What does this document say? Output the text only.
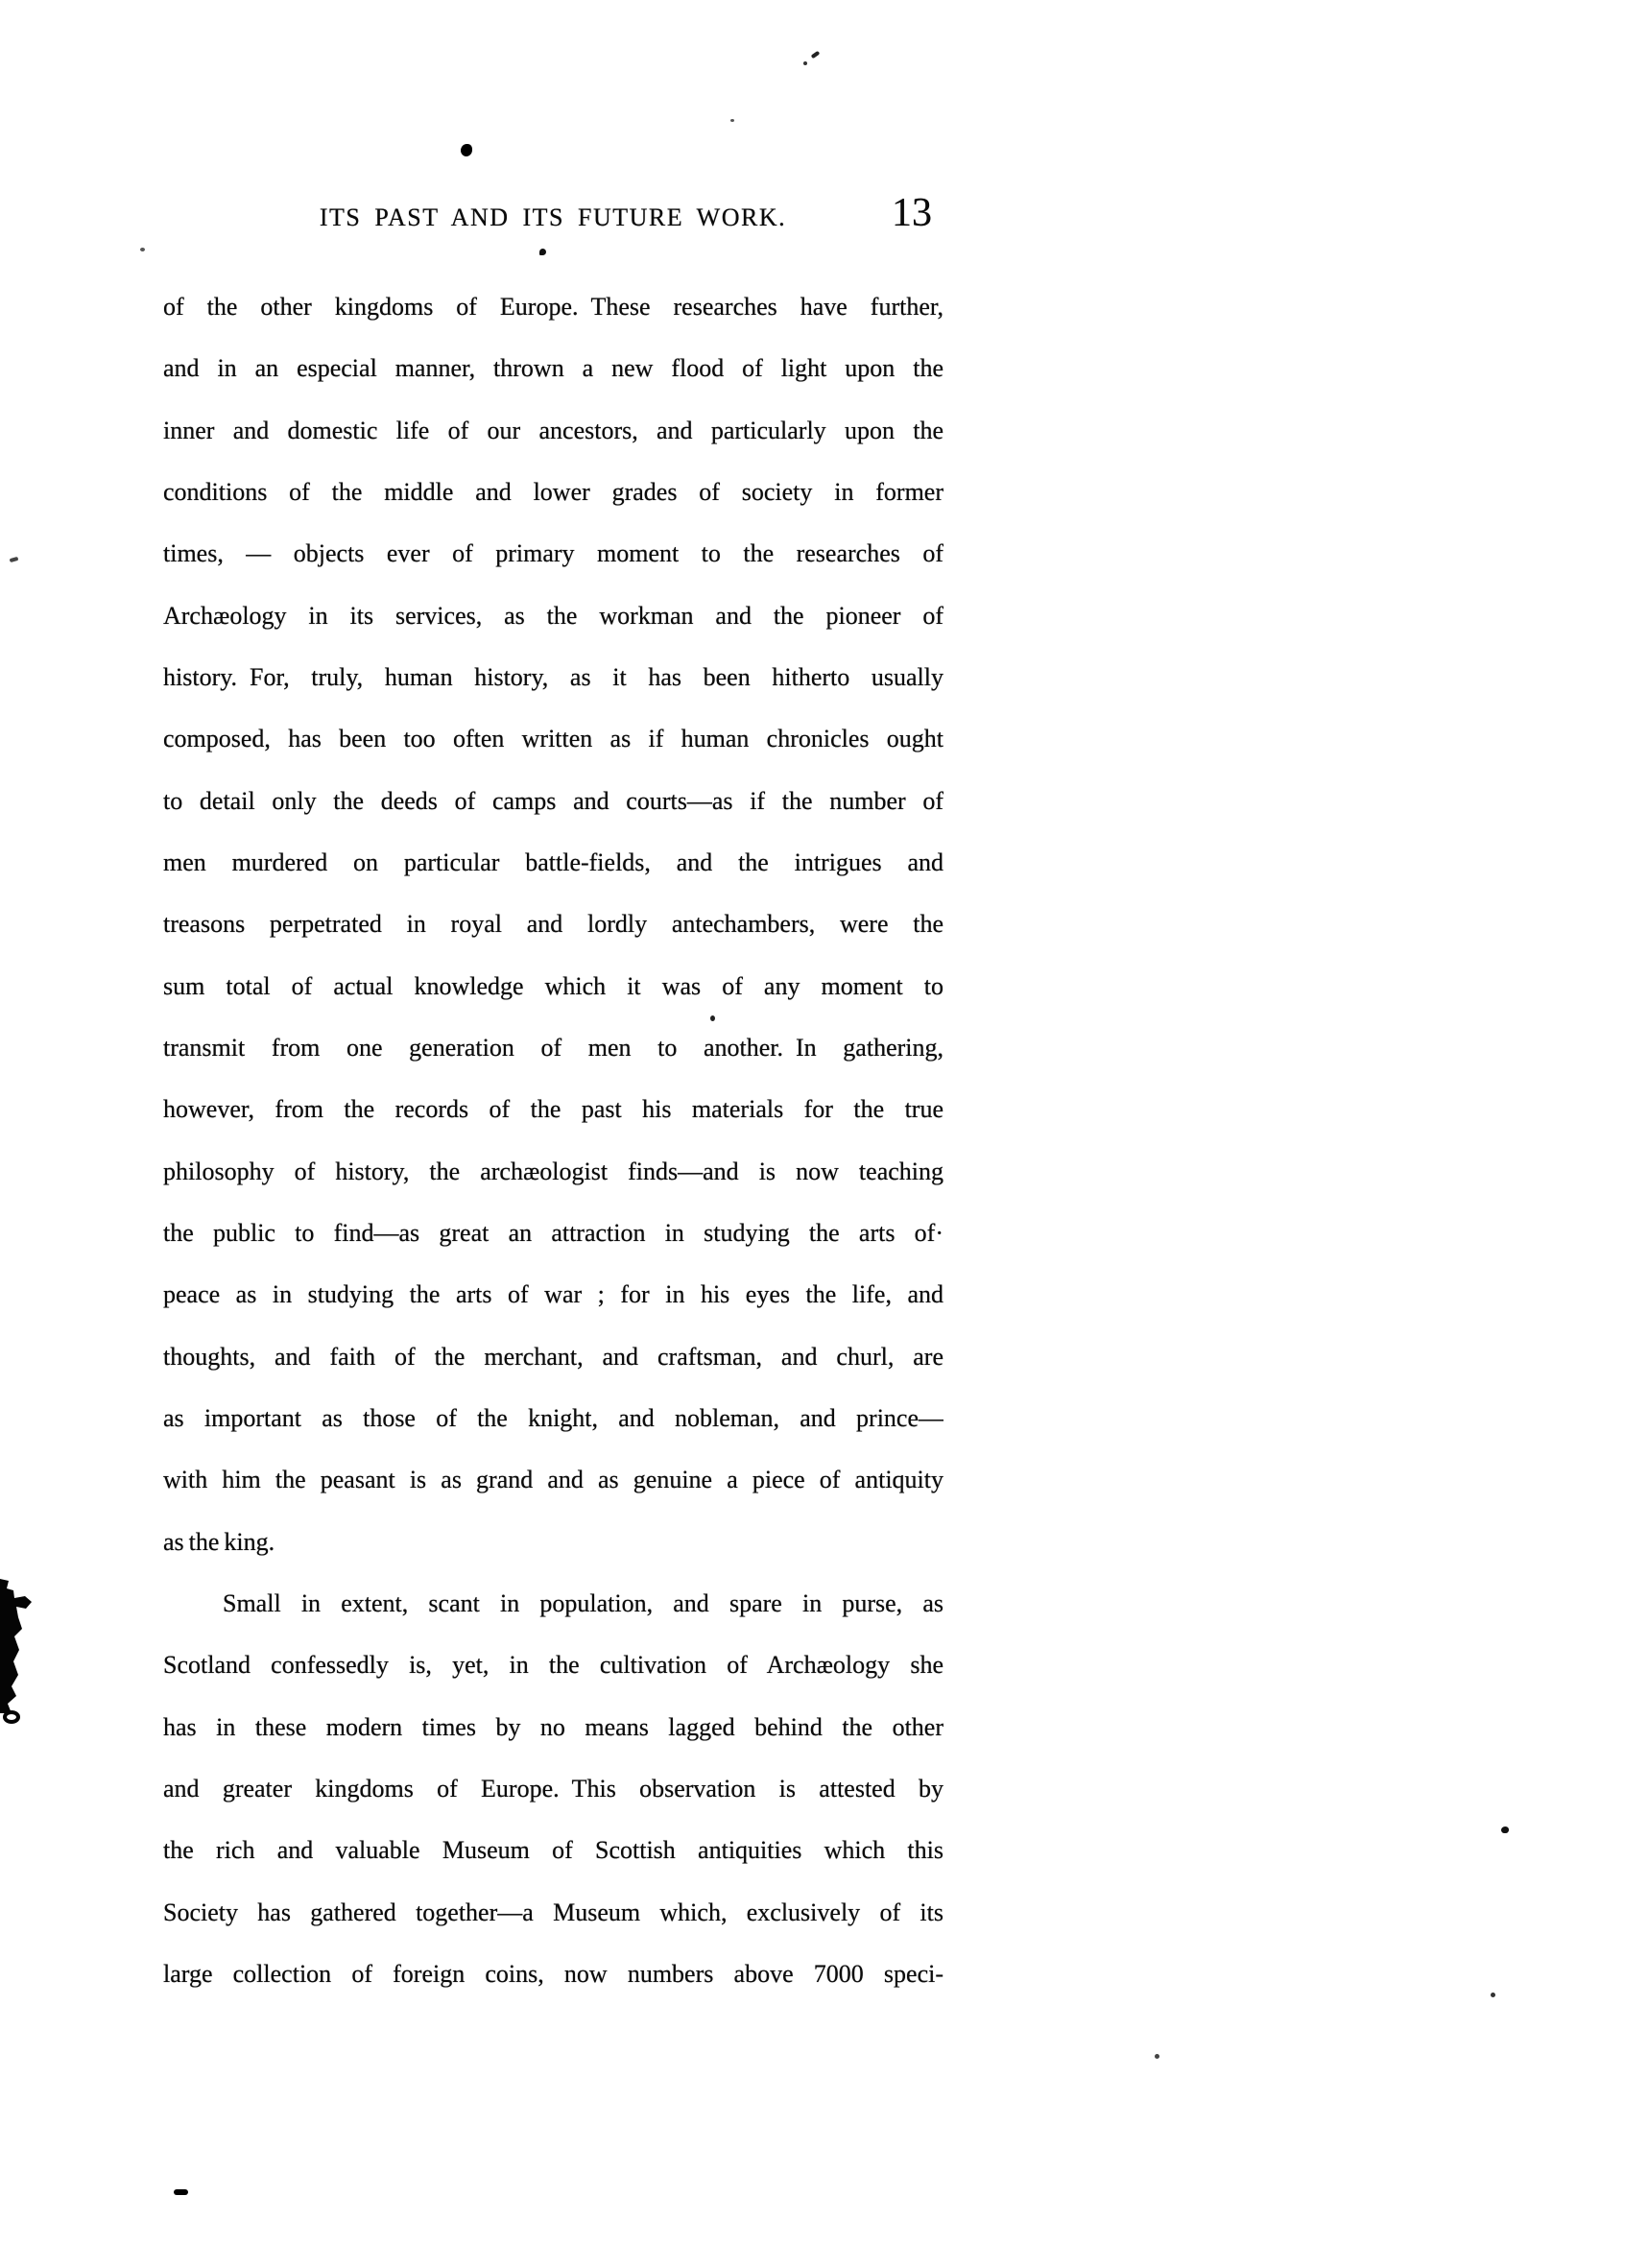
ITS PAST AND ITS FUTURE WORK.	13
of the other kingdoms of Europe. These researches have further,
and in an especial manner, thrown a new flood of light upon the
inner and domestic life of our ancestors, and particularly upon the
conditions of the middle and lower grades of society in former
times, — objects ever of primary moment to the researches of
Archæology in its services, as the workman and the pioneer of
history. For, truly, human history, as it has been hitherto usually
composed, has been too often written as if human chronicles ought
to detail only the deeds of camps and courts—as if the number of
men murdered on particular battle-fields, and the intrigues and
treasons perpetrated in royal and lordly antechambers, were the
sum total of actual knowledge which it was of any moment to
transmit from one generation of men to another. In gathering,
however, from the records of the past his materials for the true
philosophy of history, the archæologist finds—and is now teaching
the public to find—as great an attraction in studying the arts of·
peace as in studying the arts of war ; for in his eyes the life, and
thoughts, and faith of the merchant, and craftsman, and churl, are
as important as those of the knight, and nobleman, and prince—
with him the peasant is as grand and as genuine a piece of antiquity
as the king.
Small in extent, scant in population, and spare in purse, as
Scotland confessedly is, yet, in the cultivation of Archæology she
has in these modern times by no means lagged behind the other
and greater kingdoms of Europe. This observation is attested by
the rich and valuable Museum of Scottish antiquities which this
Society has gathered together—a Museum which, exclusively of its
large collection of foreign coins, now numbers above 7000 speci-
